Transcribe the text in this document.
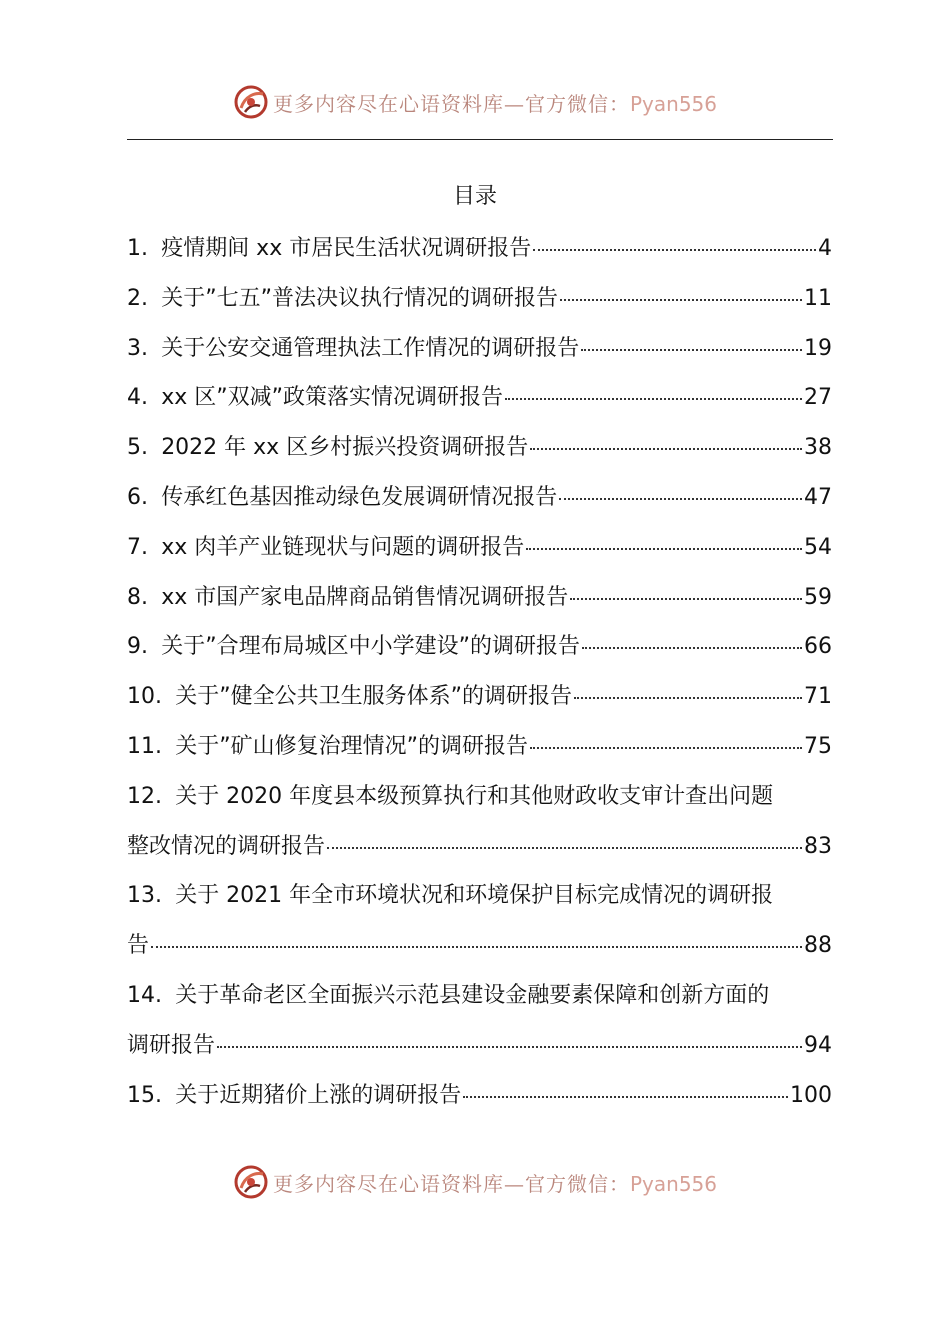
更多内容尽在心语资料库—官方微信：Pyan556
目录
1. 疫情期间 xx 市居民生活状况调研报告	4
2. 关于”七五”普法决议执行情况的调研报告	11
3. 关于公安交通管理执法工作情况的调研报告	19
4. xx 区”双减”政策落实情况调研报告	27
5. 2022 年 xx 区乡村振兴投资调研报告	38
6. 传承红色基因推动绿色发展调研情况报告	47
7. xx 肉羊产业链现状与问题的调研报告	54
8. xx 市国产家电品牌商品销售情况调研报告	59
9. 关于”合理布局城区中小学建设”的调研报告	66
10. 关于”健全公共卫生服务体系”的调研报告	71
11. 关于”矿山修复治理情况”的调研报告	75
12. 关于 2020 年度县本级预算执行和其他财政收支审计查出问题
整改情况的调研报告	83
13. 关于 2021 年全市环境状况和环境保护目标完成情况的调研报
告	88
14. 关于革命老区全面振兴示范县建设金融要素保障和创新方面的
调研报告	94
15. 关于近期猪价上涨的调研报告	100
更多内容尽在心语资料库—官方微信：Pyan556
